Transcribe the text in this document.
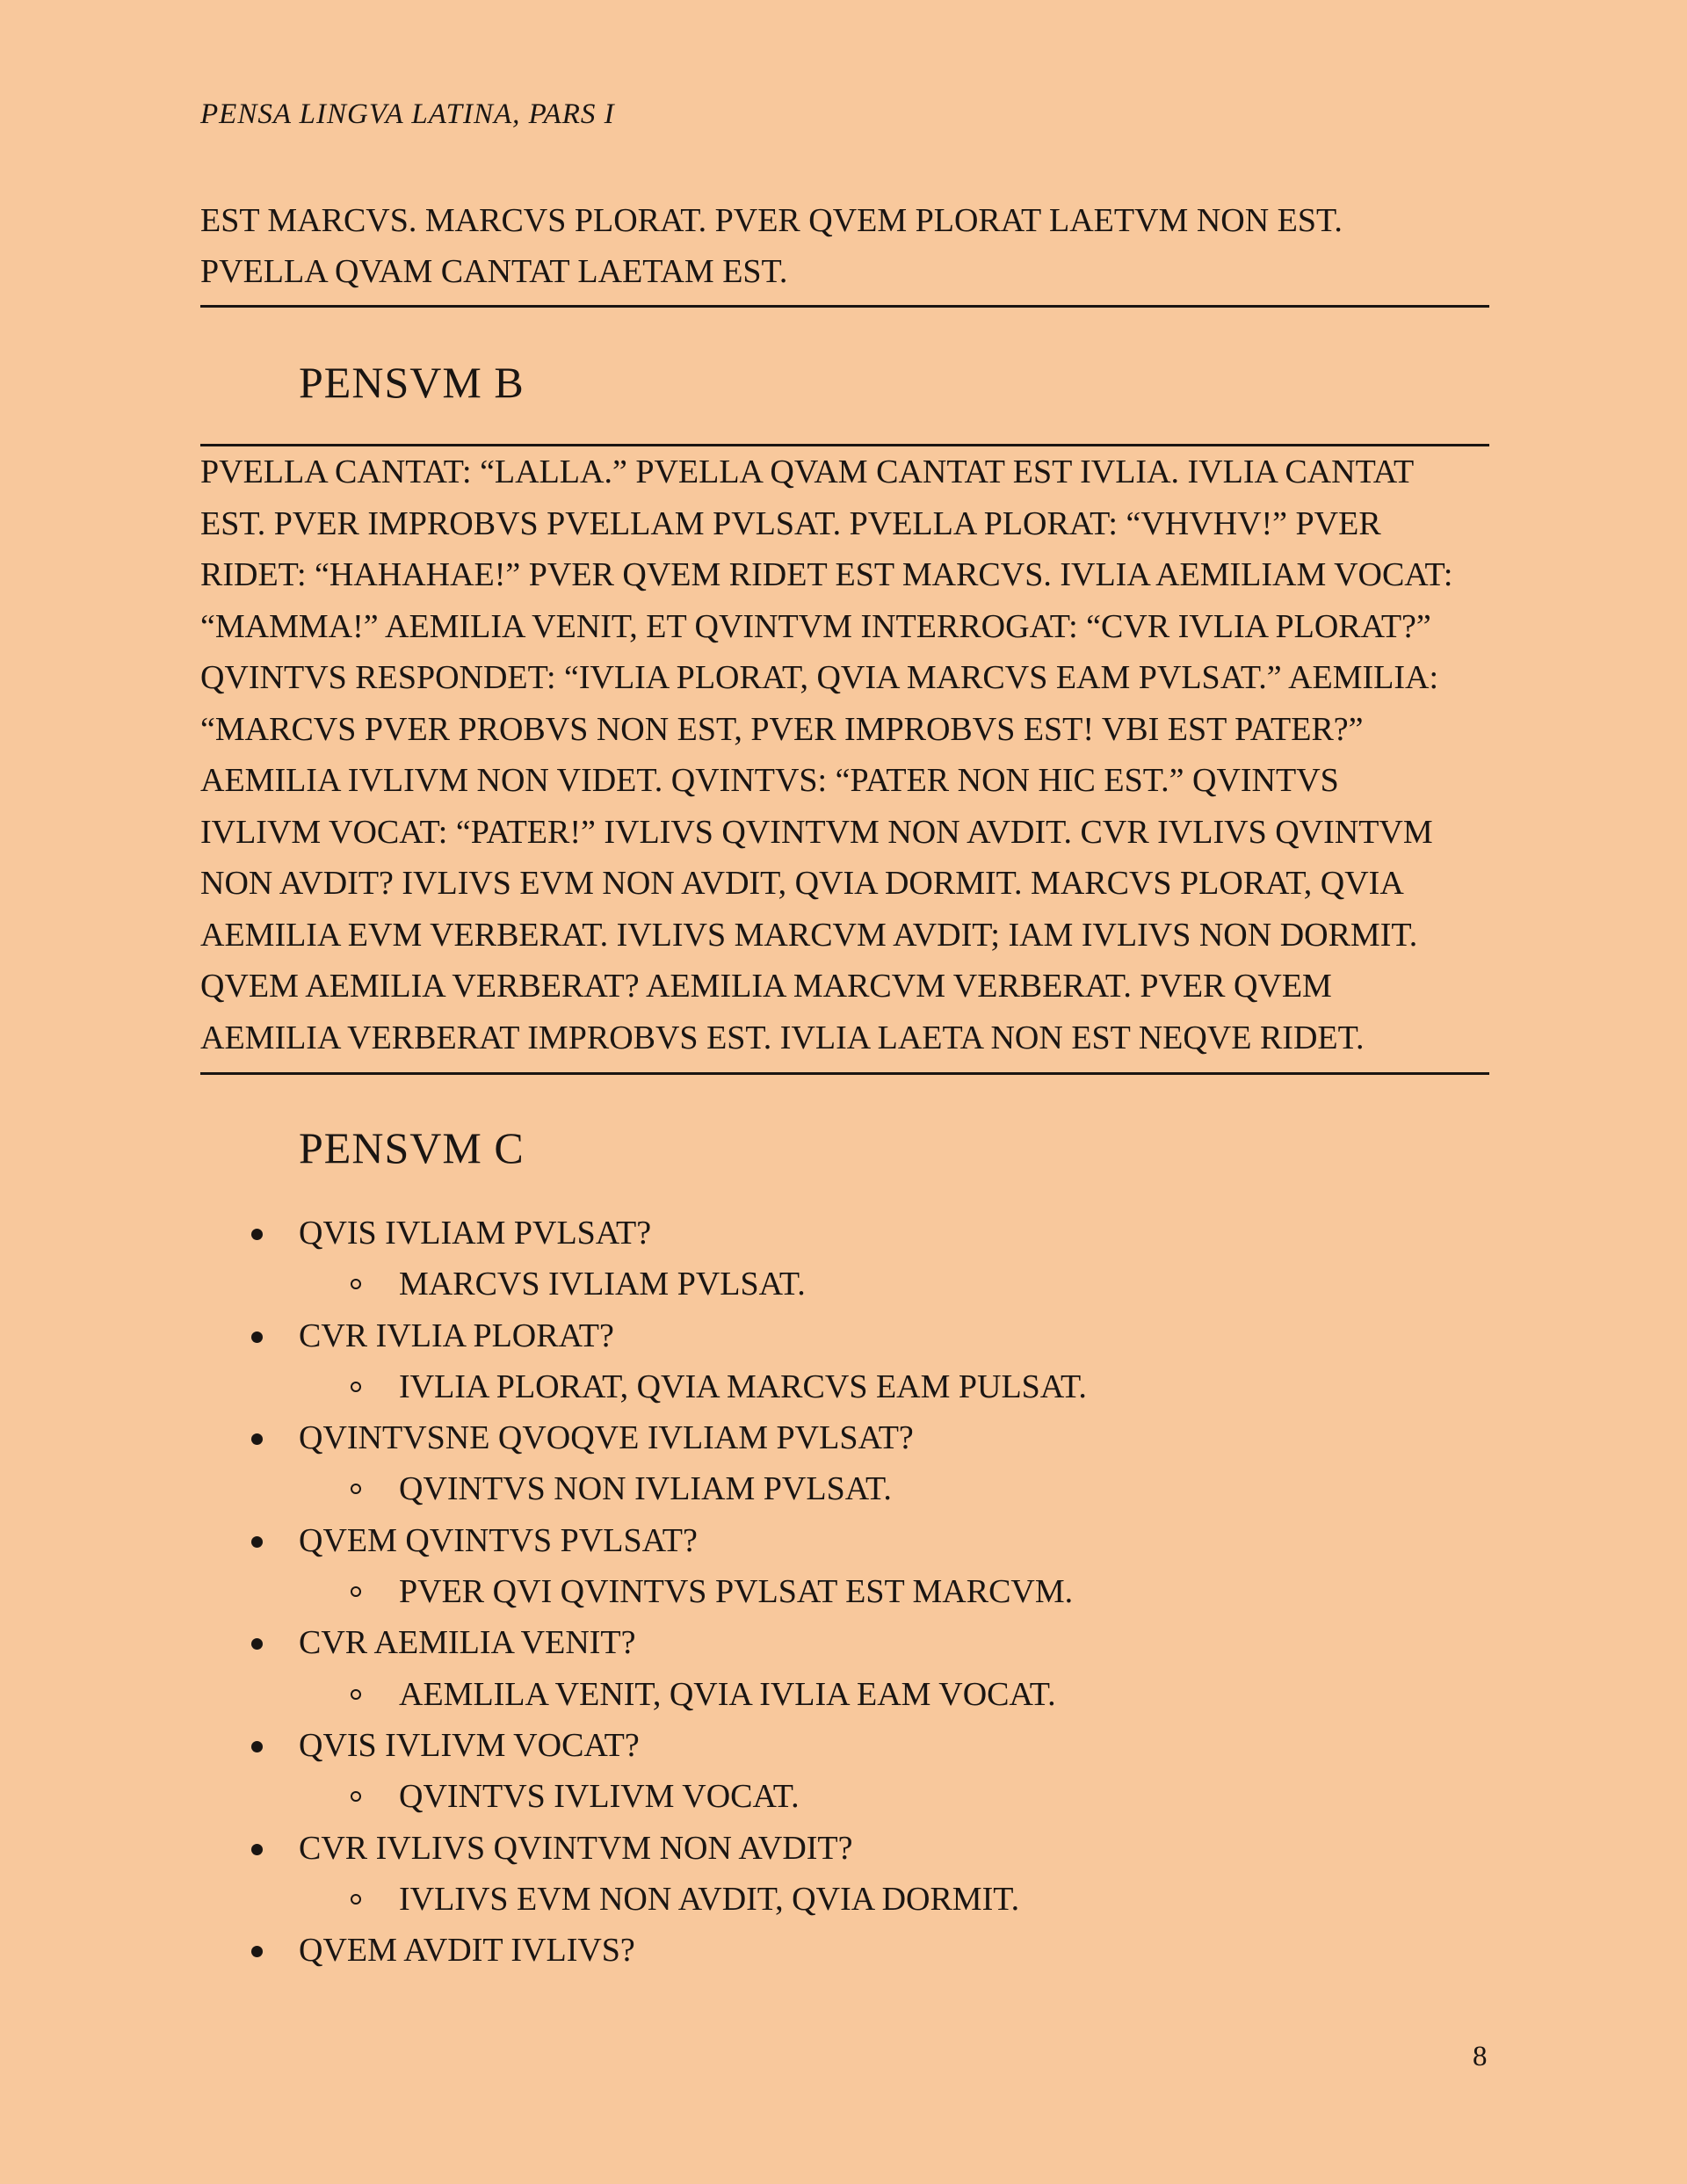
PENSA LINGVA LATINA, PARS I
EST MARCVS. MARCVS PLORAT. PVER QVEM PLORAT LAETVM NON EST.
PVELLA QVAM CANTAT LAETAM EST.
PENSVM B
PVELLA CANTAT: “LALLA.” PVELLA QVAM CANTAT EST IVLIA. IVLIA CANTAT
EST. PVER IMPROBVS PVELLAM PVLSAT. PVELLA PLORAT: “VHVHV!” PVER
RIDET: “HAHAHAE!” PVER QVEM RIDET EST MARCVS. IVLIA AEMILIAM VOCAT:
“MAMMA!” AEMILIA VENIT, ET QVINTVM INTERROGAT: “CVR IVLIA PLORAT?”
QVINTVS RESPONDET: “IVLIA PLORAT, QVIA MARCVS EAM PVLSAT.” AEMILIA:
“MARCVS PVER PROBVS NON EST, PVER IMPROBVS EST! VBI EST PATER?”
AEMILIA IVLIVM NON VIDET. QVINTVS: “PATER NON HIC EST.” QVINTVS
IVLIVM VOCAT: “PATER!” IVLIVS QVINTVM NON AVDIT. CVR IVLIVS QVINTVM
NON AVDIT? IVLIVS EVM NON AVDIT, QVIA DORMIT. MARCVS PLORAT, QVIA
AEMILIA EVM VERBERAT. IVLIVS MARCVM AVDIT; IAM IVLIVS NON DORMIT.
QVEM AEMILIA VERBERAT? AEMILIA MARCVM VERBERAT. PVER QVEM
AEMILIA VERBERAT IMPROBVS EST. IVLIA LAETA NON EST NEQVE RIDET.
PENSVM C
QVIS IVLIAM PVLSAT?
MARCVS IVLIAM PVLSAT.
CVR IVLIA PLORAT?
IVLIA PLORAT, QVIA MARCVS EAM PULSAT.
QVINTVSNE QVOQVE IVLIAM PVLSAT?
QVINTVS NON IVLIAM PVLSAT.
QVEM QVINTVS PVLSAT?
PVER QVI QVINTVS PVLSAT EST MARCVM.
CVR AEMILIA VENIT?
AEMLILA VENIT, QVIA IVLIA EAM VOCAT.
QVIS IVLIVM VOCAT?
QVINTVS IVLIVM VOCAT.
CVR IVLIVS QVINTVM NON AVDIT?
IVLIVS EVM NON AVDIT, QVIA DORMIT.
QVEM AVDIT IVLIVS?
8
